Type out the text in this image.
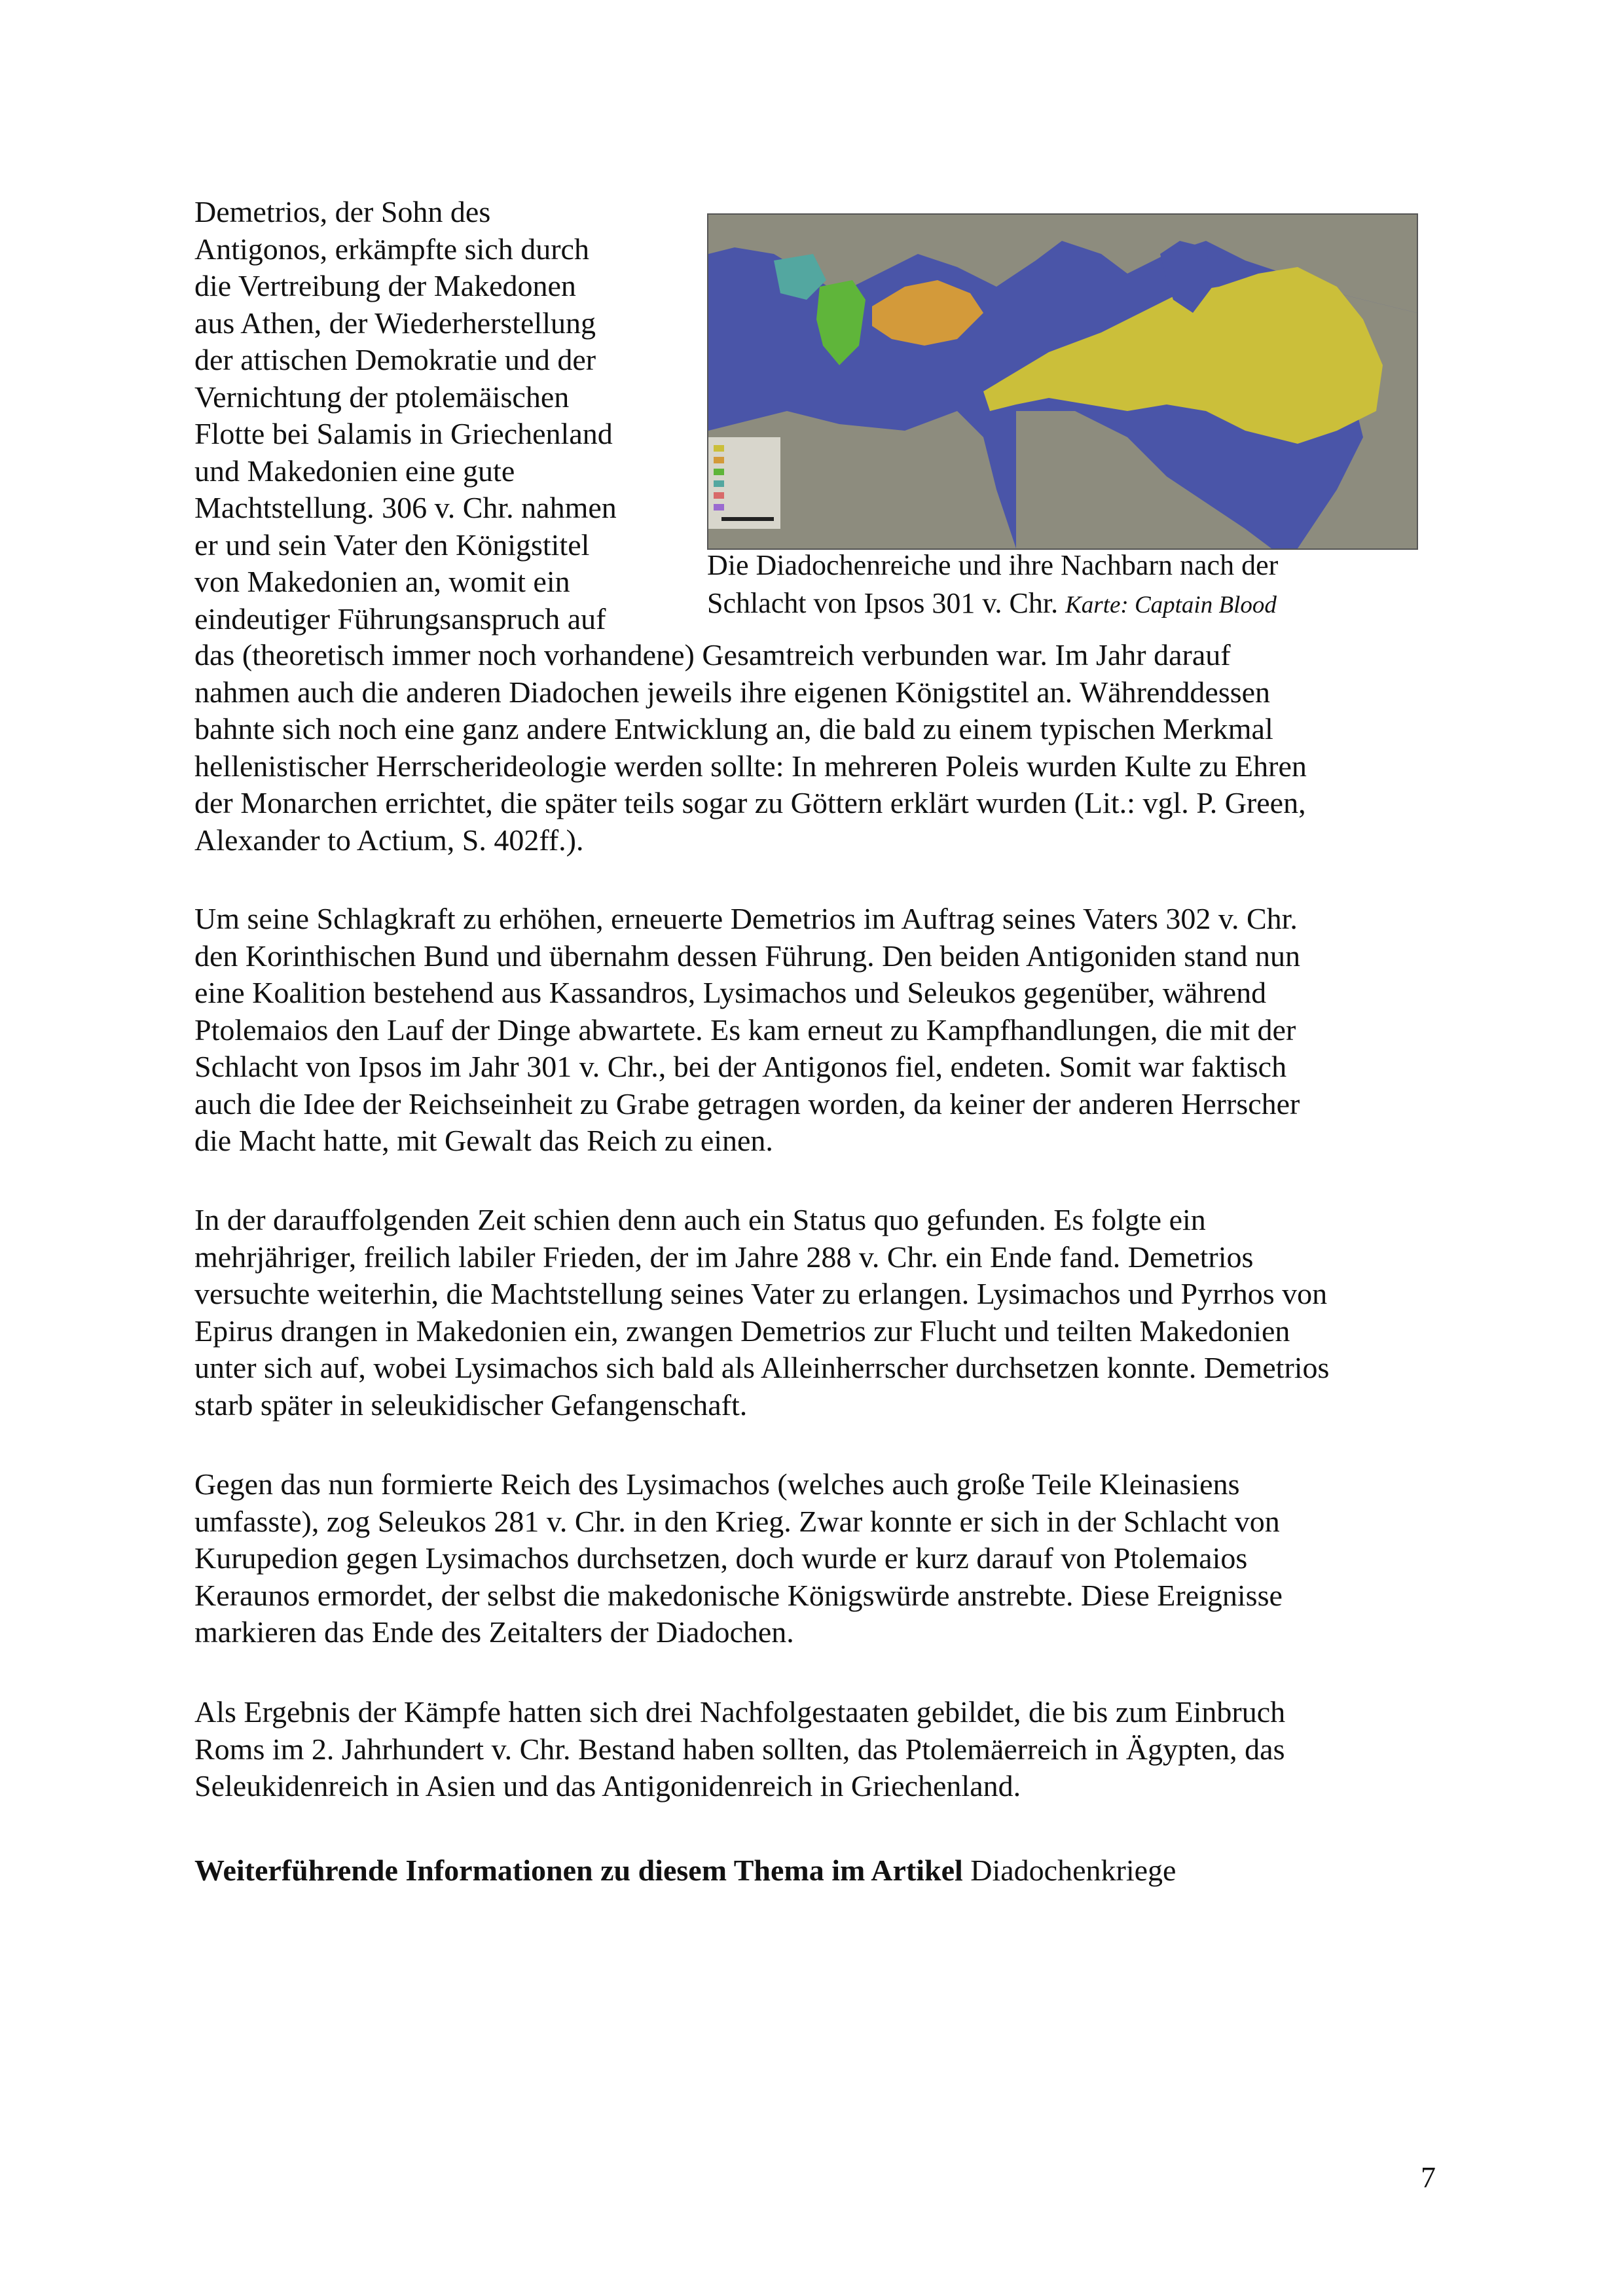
Demetrios, der Sohn des
Antigonos, erkämpfte sich durch
die Vertreibung der Makedonen
aus Athen, der Wiederherstellung
der attischen Demokratie und der
Vernichtung der ptolemäischen
Flotte bei Salamis in Griechenland
und Makedonien eine gute
Machtstellung. 306 v. Chr. nahmen
er und sein Vater den Königstitel
von Makedonien an, womit ein
eindeutiger Führungsanspruch auf
Die Diadochenreiche und ihre Nachbarn nach der
Schlacht von Ipsos 301 v. Chr. Karte: Captain Blood
das (theoretisch immer noch vorhandene) Gesamtreich verbunden war. Im Jahr darauf
nahmen auch die anderen Diadochen jeweils ihre eigenen Königstitel an. Währenddessen
bahnte sich noch eine ganz andere Entwicklung an, die bald zu einem typischen Merkmal
hellenistischer Herrscherideologie werden sollte: In mehreren Poleis wurden Kulte zu Ehren
der Monarchen errichtet, die später teils sogar zu Göttern erklärt wurden (Lit.: vgl. P. Green,
Alexander to Actium, S. 402ff.).
Um seine Schlagkraft zu erhöhen, erneuerte Demetrios im Auftrag seines Vaters 302 v. Chr.
den Korinthischen Bund und übernahm dessen Führung. Den beiden Antigoniden stand nun
eine Koalition bestehend aus Kassandros, Lysimachos und Seleukos gegenüber, während
Ptolemaios den Lauf der Dinge abwartete. Es kam erneut zu Kampfhandlungen, die mit der
Schlacht von Ipsos im Jahr 301 v. Chr., bei der Antigonos fiel, endeten. Somit war faktisch
auch die Idee der Reichseinheit zu Grabe getragen worden, da keiner der anderen Herrscher
die Macht hatte, mit Gewalt das Reich zu einen.
In der darauffolgenden Zeit schien denn auch ein Status quo gefunden. Es folgte ein
mehrjähriger, freilich labiler Frieden, der im Jahre 288 v. Chr. ein Ende fand. Demetrios
versuchte weiterhin, die Machtstellung seines Vater zu erlangen. Lysimachos und Pyrrhos von
Epirus drangen in Makedonien ein, zwangen Demetrios zur Flucht und teilten Makedonien
unter sich auf, wobei Lysimachos sich bald als Alleinherrscher durchsetzen konnte. Demetrios
starb später in seleukidischer Gefangenschaft.
Gegen das nun formierte Reich des Lysimachos (welches auch große Teile Kleinasiens
umfasste), zog Seleukos 281 v. Chr. in den Krieg. Zwar konnte er sich in der Schlacht von
Kurupedion gegen Lysimachos durchsetzen, doch wurde er kurz darauf von Ptolemaios
Keraunos ermordet, der selbst die makedonische Königswürde anstrebte. Diese Ereignisse
markieren das Ende des Zeitalters der Diadochen.
Als Ergebnis der Kämpfe hatten sich drei Nachfolgestaaten gebildet, die bis zum Einbruch
Roms im 2. Jahrhundert v. Chr. Bestand haben sollten, das Ptolemäerreich in Ägypten, das
Seleukidenreich in Asien und das Antigonidenreich in Griechenland.
Weiterführende Informationen zu diesem Thema im Artikel Diadochenkriege
7
